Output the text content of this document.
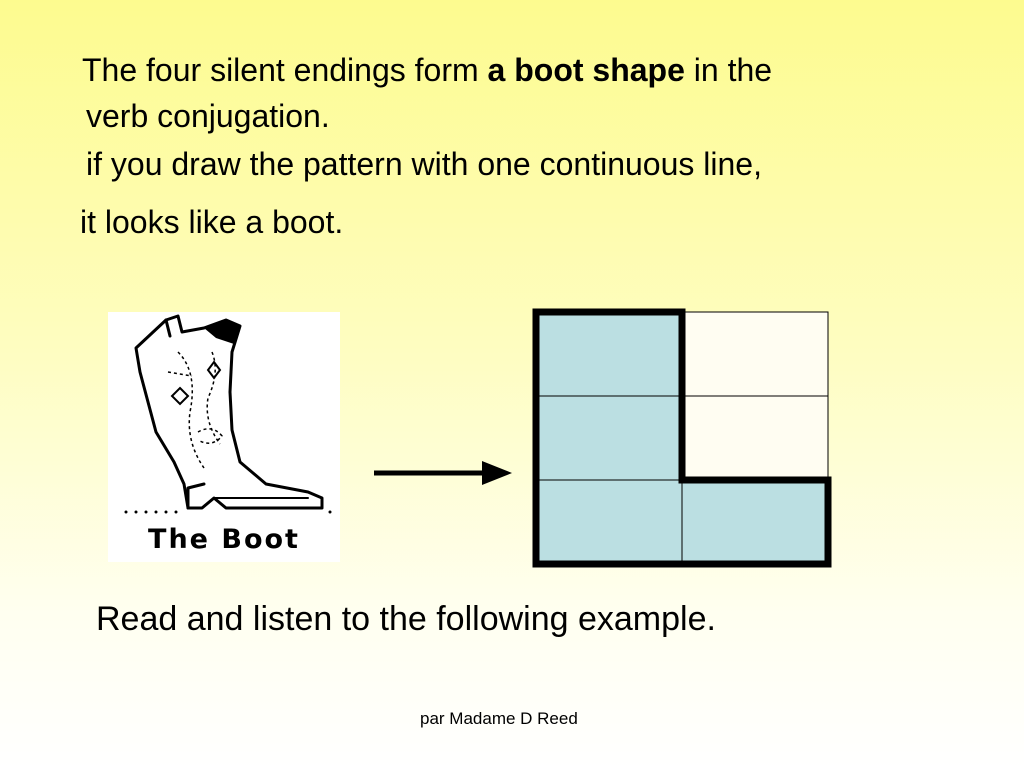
The four silent endings form a boot shape in the
verb conjugation.
if you draw the pattern with one continuous line,
it looks like a boot.
The Boot
Read and listen to the following example.
par Madame D Reed
